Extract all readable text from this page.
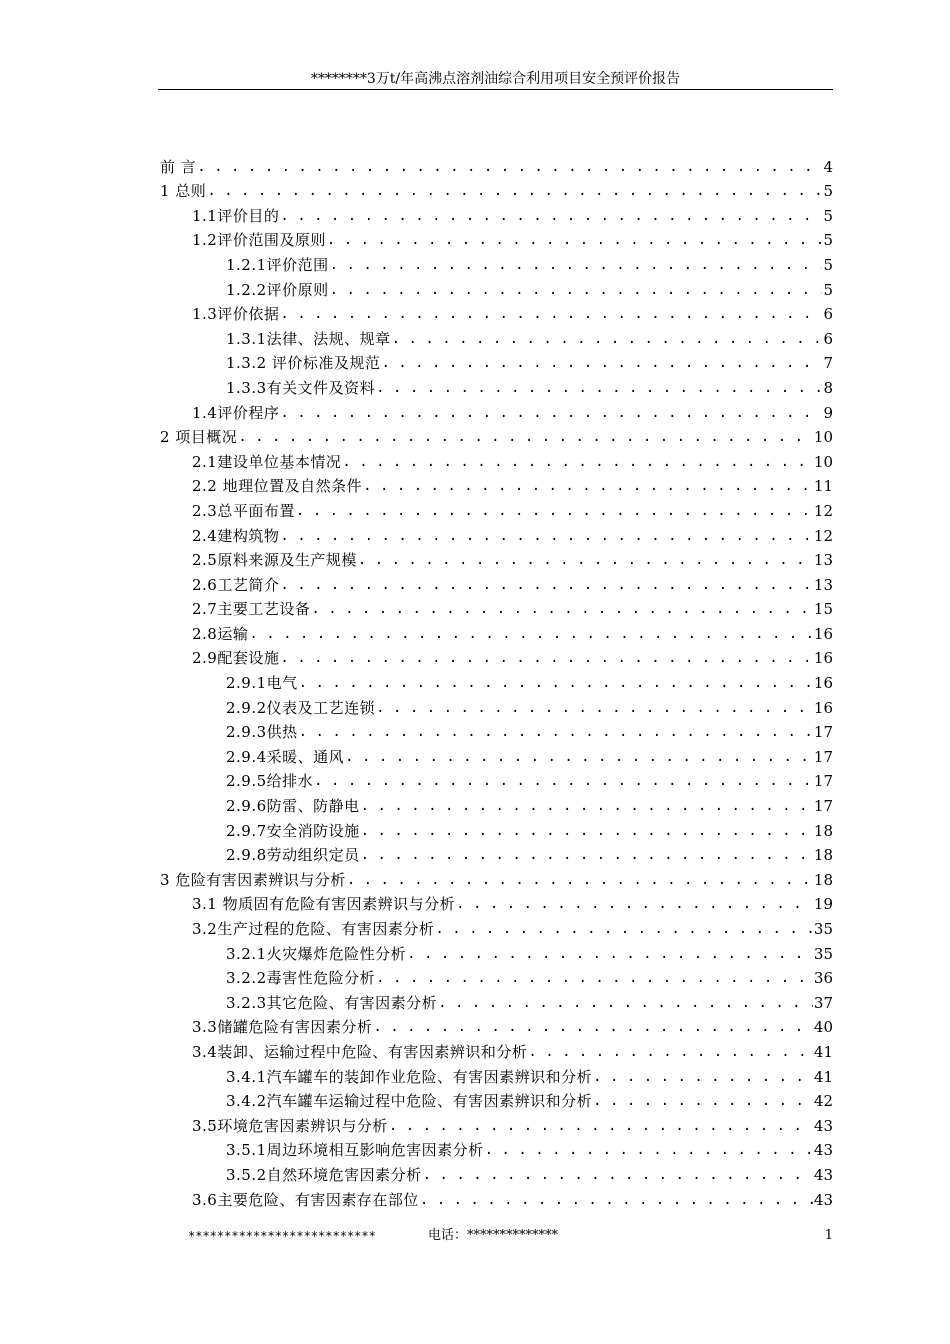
********3万t/年高沸点溶剂油综合利用项目安全预评价报告
前 言 . . .	4
1 总则 . . .	5
1.1评价目的 . . .	5
1.2评价范围及原则 . . .	5
1.2.1评价范围 . . .	5
1.2.2评价原则 . . .	5
1.3评价依据 . . .	6
1.3.1法律、法规、规章 . . .	6
1.3.2 评价标准及规范 . . .	7
1.3.3有关文件及资料 . . .	8
1.4评价程序 . . .	9
2 项目概况 . . .	10
2.1建设单位基本情况 . . .	10
2.2 地理位置及自然条件 . . .	11
2.3总平面布置 . . .	12
2.4建构筑物 . . .	12
2.5原料来源及生产规模 . . .	13
2.6工艺简介 . . .	13
2.7主要工艺设备 . . .	15
2.8运输 . . .	16
2.9配套设施 . . .	16
2.9.1电气 . . .	16
2.9.2仪表及工艺连锁 . . .	16
2.9.3供热 . . .	17
2.9.4采暖、通风 . . .	17
2.9.5给排水 . . .	17
2.9.6防雷、防静电 . . .	17
2.9.7安全消防设施 . . .	18
2.9.8劳动组织定员 . . .	18
3 危险有害因素辨识与分析 . . .	18
3.1 物质固有危险有害因素辨识与分析 . . .	19
3.2生产过程的危险、有害因素分析 . . .	35
3.2.1火灾爆炸危险性分析 . . .	35
3.2.2毒害性危险分析 . . .	36
3.2.3其它危险、有害因素分析 . . .	37
3.3储罐危险有害因素分析 . . .	40
3.4装卸、运输过程中危险、有害因素辨识和分析 . . .	41
3.4.1汽车罐车的装卸作业危险、有害因素辨识和分析 . . .	41
3.4.2汽车罐车运输过程中危险、有害因素辨识和分析 . . .	42
3.5环境危害因素辨识与分析 . . .	43
3.5.1周边环境相互影响危害因素分析 . . .	43
3.5.2自然环境危害因素分析 . . .	43
3.6主要危险、有害因素存在部位 . . .	43
**************************	电话：**************	1
